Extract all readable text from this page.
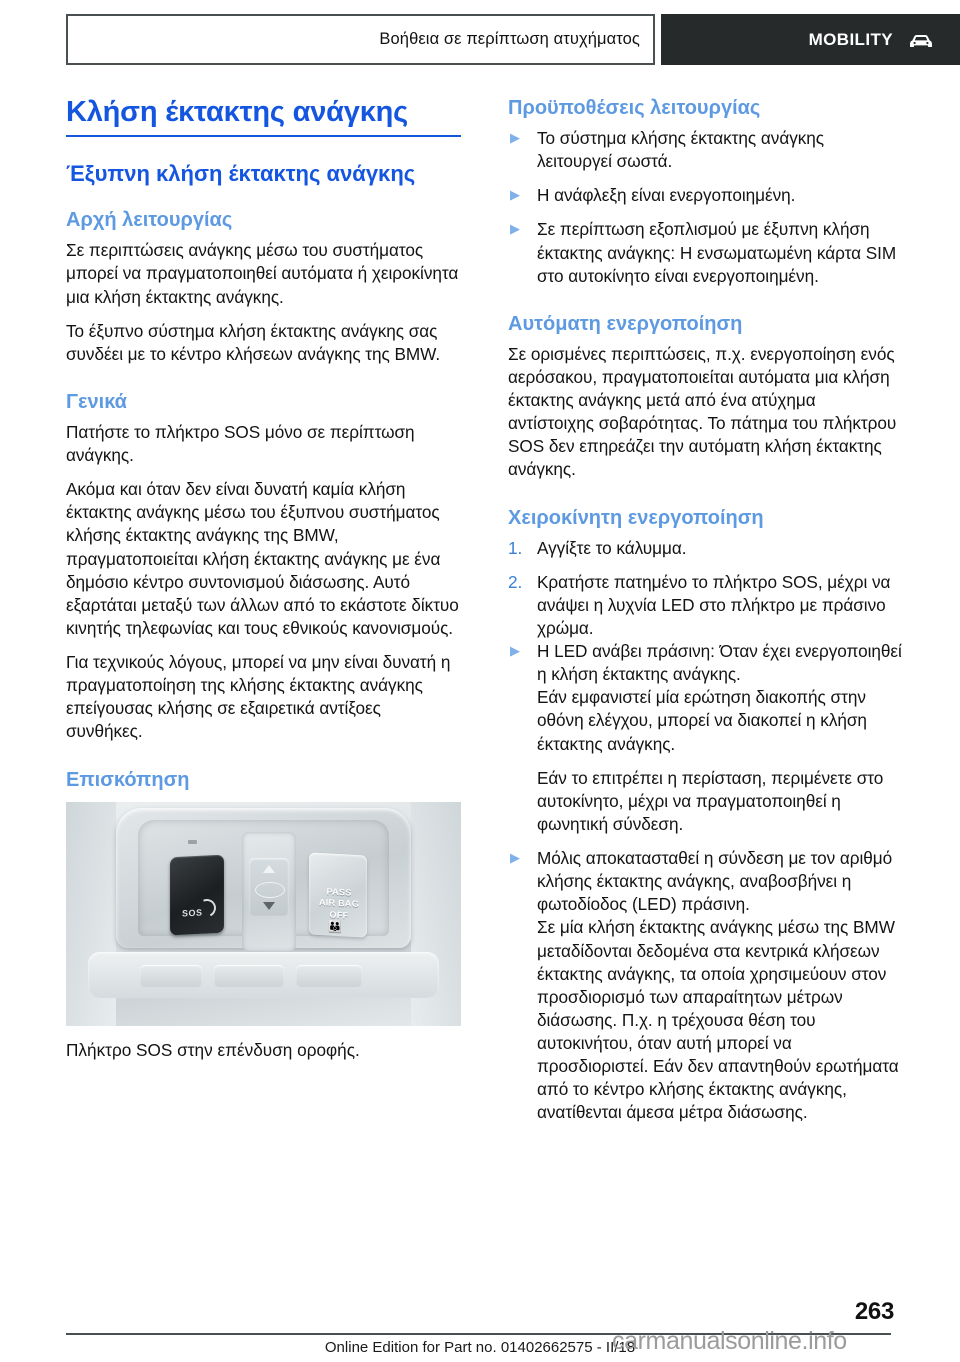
Βοήθεια σε περίπτωση ατυχήματος	MOBILITY
Κλήση έκτακτης ανάγκης
Έξυπνη κλήση έκτακτης ανάγκης
Αρχή λειτουργίας

Σε περιπτώσεις ανάγκης μέσω του συστήματος μπορεί να πραγματοποιηθεί αυτόματα ή χειροκίνητα μια κλήση έκτακτης ανάγκης.

Το έξυπνο σύστημα κλήση έκτακτης ανάγκης σας συνδέει με το κέντρο κλήσεων ανάγκης της BMW.

Γενικά

Πατήστε το πλήκτρο SOS μόνο σε περίπτωση ανάγκης.

Ακόμα και όταν δεν είναι δυνατή καμία κλήση έκτακτης ανάγκης μέσω του έξυπνου συστήματος κλήσης έκτακτης ανάγκης της BMW, πραγματοποιείται κλήση έκτακτης ανάγκης με ένα δημόσιο κέντρο συντονισμού διάσωσης. Αυτό εξαρτάται μεταξύ των άλλων από το εκάστοτε δίκτυο κινητής τηλεφωνίας και τους εθνικούς κανονισμούς.

Για τεχνικούς λόγους, μπορεί να μην είναι δυνατή η πραγματοποίηση της κλήσης έκτακτης ανάγκης επείγουσας κλήσης σε εξαιρετικά αντίξοες συνθήκες.

Επισκόπηση
SOS
PASS
AIR BAG
OFF
👪
Πλήκτρο SOS στην επένδυση οροφής.
Προϋποθέσεις λειτουργίας
▶ Το σύστημα κλήσης έκτακτης ανάγκης λειτουργεί σωστά.
▶ Η ανάφλεξη είναι ενεργοποιημένη.
▶ Σε περίπτωση εξοπλισμού με έξυπνη κλήση έκτακτης ανάγκης: Η ενσωματωμένη κάρτα SIM στο αυτοκίνητο είναι ενεργοποιημένη.
Αυτόματη ενεργοποίηση

Σε ορισμένες περιπτώσεις, π.χ. ενεργοποίηση ενός αερόσακου, πραγματοποιείται αυτόματα μια κλήση έκτακτης ανάγκης μετά από ένα ατύχημα αντίστοιχης σοβαρότητας. Το πάτημα του πλήκτρου SOS δεν επηρεάζει την αυτόματη κλήση έκτακτης ανάγκης.

Χειροκίνητη ενεργοποίηση
1. Αγγίξτε το κάλυμμα.
2. Κρατήστε πατημένο το πλήκτρο SOS, μέχρι να ανάψει η λυχνία LED στο πλήκτρο με πράσινο χρώμα.
▶ Η LED ανάβει πράσινη: Όταν έχει ενεργοποιηθεί η κλήση έκτακτης ανάγκης.

Εάν εμφανιστεί μία ερώτηση διακοπής στην οθόνη ελέγχου, μπορεί να διακοπεί η κλήση έκτακτης ανάγκης.

Εάν το επιτρέπει η περίσταση, περιμένετε στο αυτοκίνητο, μέχρι να πραγματοποιηθεί η φωνητική σύνδεση.

▶ Μόλις αποκατασταθεί η σύνδεση με τον αριθμό κλήσης έκτακτης ανάγκης, αναβοσβήνει η φωτοδίοδος (LED) πράσινη.

Σε μία κλήση έκτακτης ανάγκης μέσω της BMW μεταδίδονται δεδομένα στα κεντρικά κλήσεων έκτακτης ανάγκης, τα οποία χρησιμεύουν στον προσδιορισμό των απαραίτητων μέτρων διάσωσης. Π.χ. η τρέχουσα θέση του αυτοκινήτου, όταν αυτή μπορεί να προσδιοριστεί. Εάν δεν απαντηθούν ερωτήματα από το κέντρο κλήσης έκτακτης ανάγκης, ανατίθενται άμεσα μέτρα διάσωσης.

263
Online Edition for Part no. 01402662575 - II/18
carmanualsonline.info
